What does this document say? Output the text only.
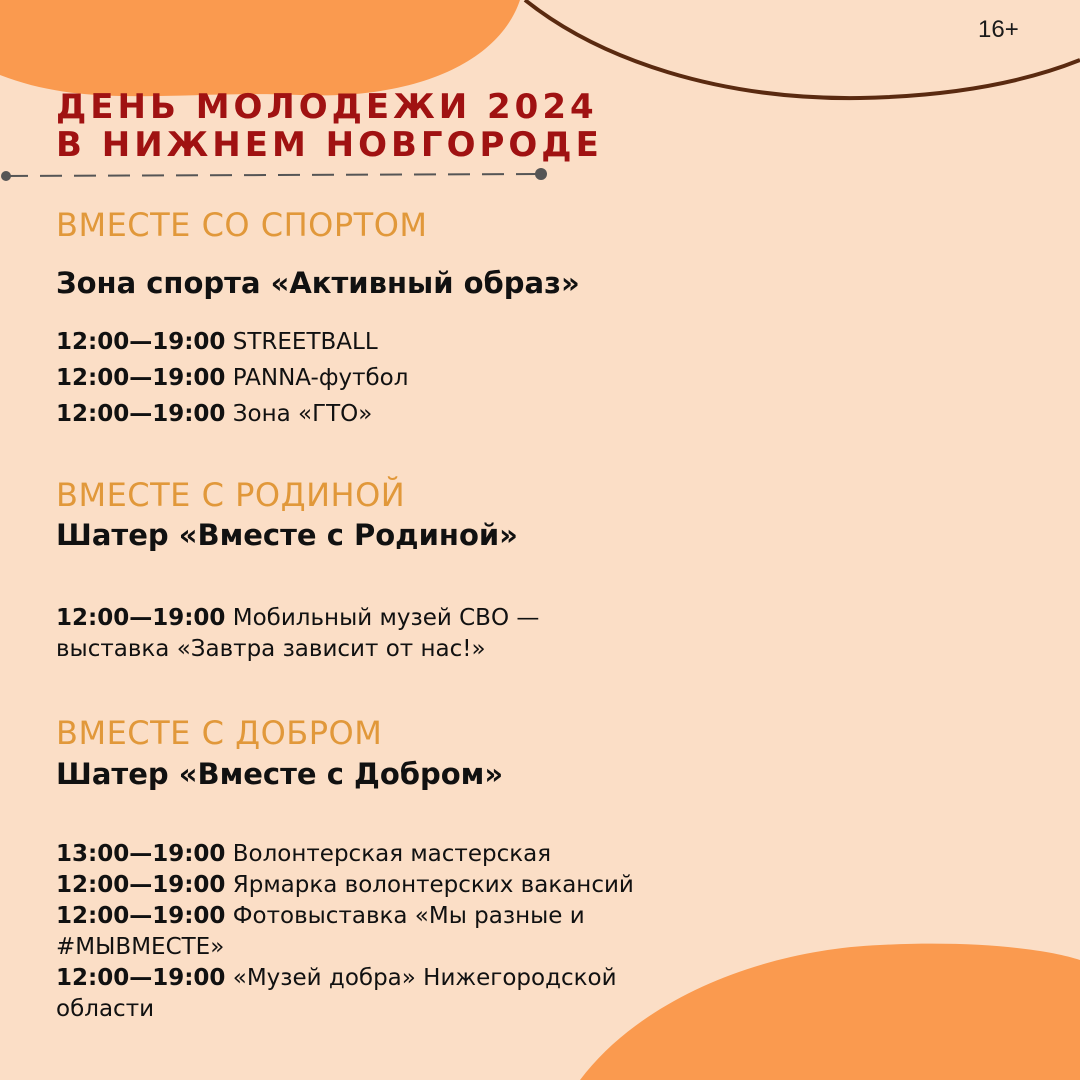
16+
ДЕНЬ МОЛОДЕЖИ 2024
В НИЖНЕМ НОВГОРОДЕ
ВМЕСТЕ СО СПОРТОМ
Зона спорта «Активный образ»
12:00—19:00 STREETBALL
12:00—19:00 PANNA-футбол
12:00—19:00 Зона «ГТО»
ВМЕСТЕ С РОДИНОЙ
Шатер «Вместе с Родиной»
12:00—19:00 Мобильный музей СВО — выставка «Завтра зависит от нас!»
ВМЕСТЕ С ДОБРОМ
Шатер «Вместе с Добром»
13:00—19:00 Волонтерская мастерская
12:00—19:00 Ярмарка волонтерских вакансий
12:00—19:00 Фотовыставка «Мы разные и #МЫВМЕСТЕ»
12:00—19:00 «Музей добра» Нижегородской области
